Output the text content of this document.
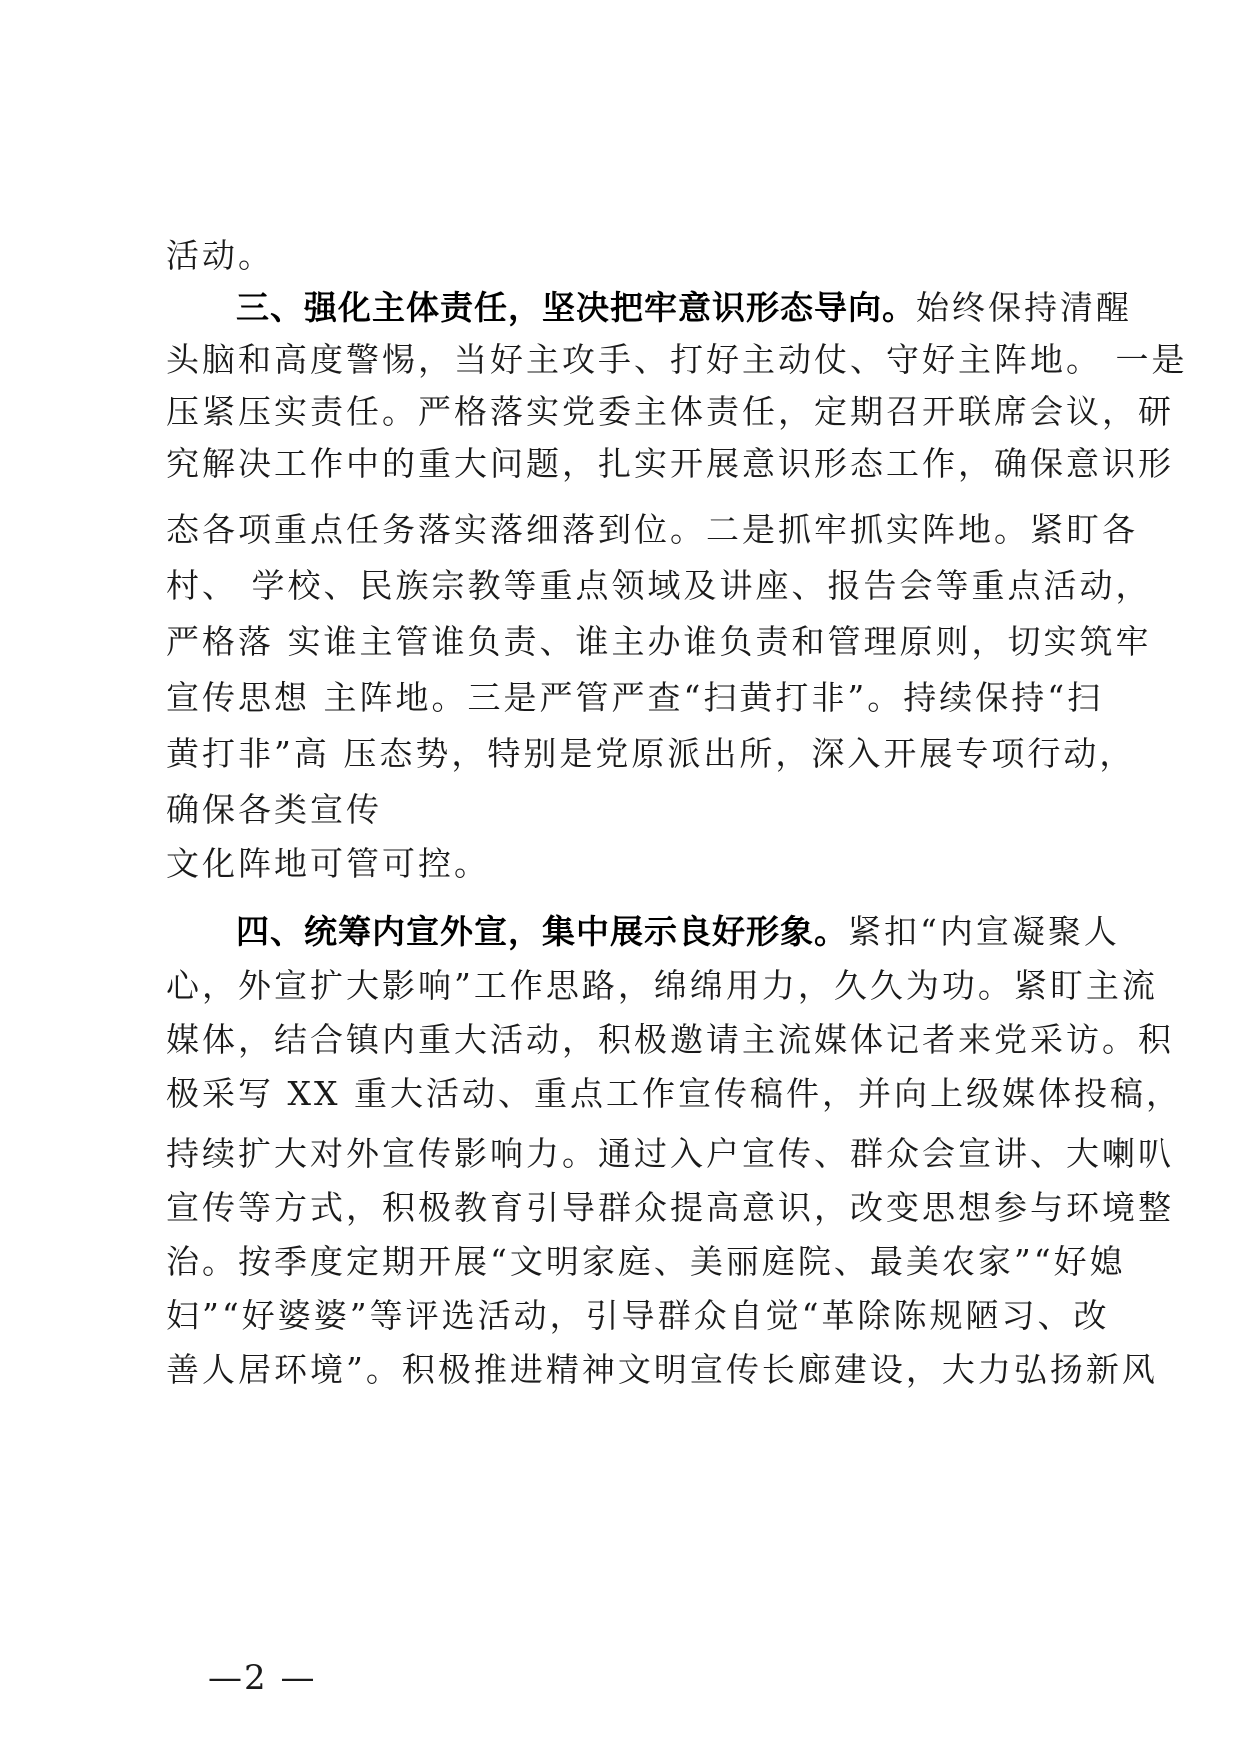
活动。
三、强化主体责任，坚决把牢意识形态导向。始终保持清醒
头脑和高度警惕，当好主攻手、打好主动仗、守好主阵地。 一是
压紧压实责任。严格落实党委主体责任，定期召开联席会议，研
究解决工作中的重大问题，扎实开展意识形态工作，确保意识形
态各项重点任务落实落细落到位。二是抓牢抓实阵地。紧盯各
村、 学校、民族宗教等重点领域及讲座、报告会等重点活动，
严格落 实谁主管谁负责、谁主办谁负责和管理原则，切实筑牢
宣传思想 主阵地。三是严管严查“扫黄打非”。持续保持“扫
黄打非”高 压态势，特别是党原派出所，深入开展专项行动，
确保各类宣传
文化阵地可管可控。
四、统筹内宣外宣，集中展示良好形象。紧扣“内宣凝聚人
心，外宣扩大影响”工作思路，绵绵用力，久久为功。紧盯主流
媒体，结合镇内重大活动，积极邀请主流媒体记者来党采访。积
极采写 XX 重大活动、重点工作宣传稿件，并向上级媒体投稿，
持续扩大对外宣传影响力。通过入户宣传、群众会宣讲、大喇叭
宣传等方式，积极教育引导群众提高意识，改变思想参与环境整
治。按季度定期开展“文明家庭、美丽庭院、最美农家”“好媳
妇”“好婆婆”等评选活动，引导群众自觉“革除陈规陋习、改
善人居环境”。积极推进精神文明宣传长廊建设，大力弘扬新风
—2 —
